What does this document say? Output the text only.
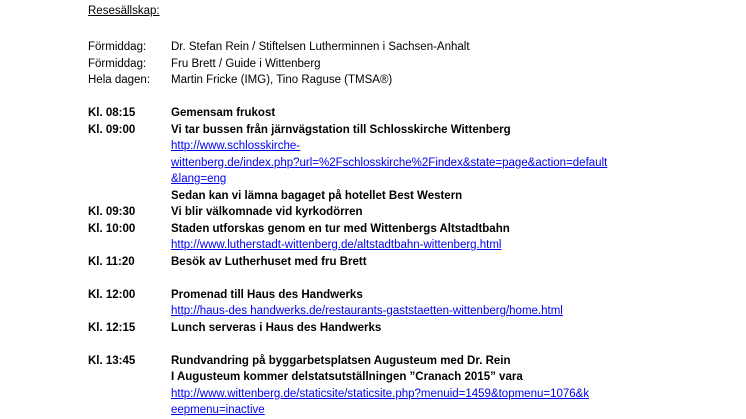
Resesällskap:
Förmiddag:	Dr. Stefan Rein / Stiftelsen Lutherminnen i Sachsen-Anhalt
Förmiddag:	Fru Brett / Guide i Wittenberg
Hela dagen:	Martin Fricke (IMG), Tino Raguse (TMSA®)
Kl. 08:15	Gemensam frukost
Kl. 09:00	Vi tar bussen från järnvägstation till Schlosskirche Wittenberg
http://www.schlosskirche-
wittenberg.de/index.php?url=%2Fschlosskirche%2Findex&state=page&action=default
&lang=eng
Sedan kan vi lämna bagaget på hotellet Best Western
Kl. 09:30	Vi blir välkomnade vid kyrkodörren
Kl. 10:00	Staden utforskas genom en tur med Wittenbergs Altstadtbahn
http://www.lutherstadt-wittenberg.de/altstadtbahn-wittenberg.html
Kl. 11:20	Besök av Lutherhuset med fru Brett
Kl. 12:00	Promenad till Haus des Handwerks
http://haus-des handwerks.de/restaurants-gaststaetten-wittenberg/home.html
Kl. 12:15	Lunch serveras i Haus des Handwerks
Kl. 13:45	Rundvandring på byggarbetsplatsen Augusteum med Dr. Rein
I Augusteum kommer delstatsutställningen ”Cranach 2015” vara
http://www.wittenberg.de/staticsite/staticsite.php?menuid=1459&topmenu=1076&k
eepmenu=inactive
